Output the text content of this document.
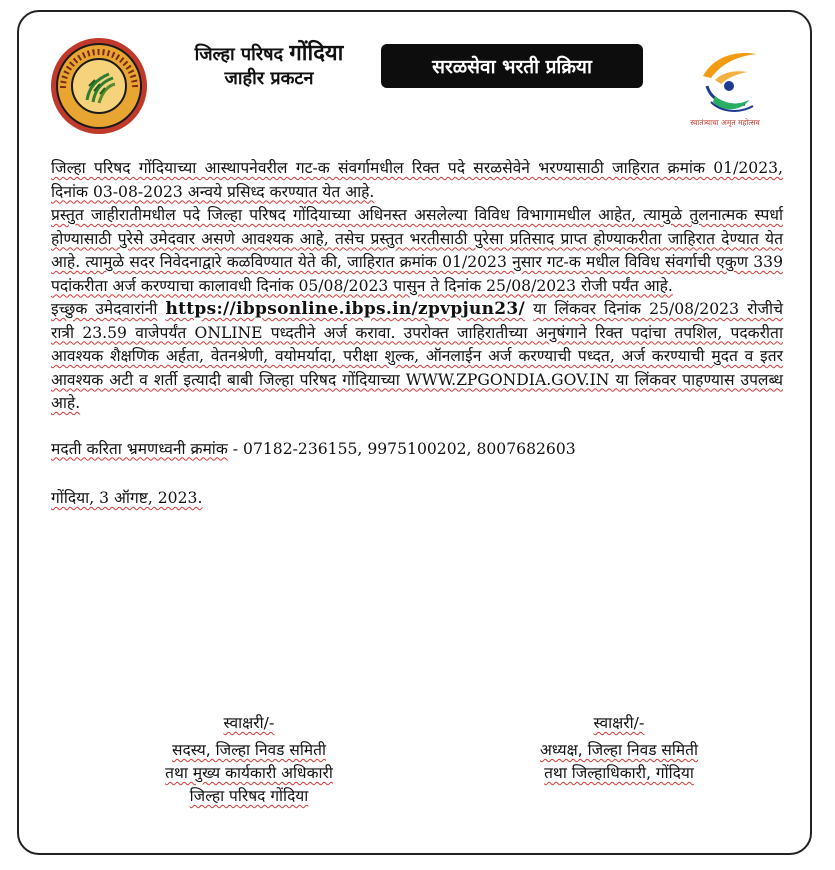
जिल्हा परिषद गोंदिया
जाहीर प्रकटन
सरळसेवा भरती प्रक्रिया
स्वातंत्र्याचा अमृत महोत्सव

जिल्हा परिषद गोंदियाच्या आस्थापनेवरील गट-क संवर्गामधील रिक्त पदे सरळसेवेने भरण्यासाठी जाहिरात क्रमांक 01/2023, दिनांक 03-08-2023 अन्वये प्रसिध्द करण्यात येत आहे.

प्रस्तुत जाहीरातीमधील पदे जिल्हा परिषद गोंदियाच्या अधिनस्त असलेल्या विविध विभागामधील आहेत, त्यामुळे तुलनात्मक स्पर्धा होण्यासाठी पुरेसे उमेदवार असणे आवश्यक आहे, तसेच प्रस्तुत भरतीसाठी पुरेसा प्रतिसाद प्राप्त होण्याकरीता जाहिरात देण्यात येत आहे. त्यामुळे सदर निवेदनाद्वारे कळविण्यात येते की, जाहिरात क्रमांक 01/2023 नुसार गट-क मधील विविध संवर्गाची एकुण 339 पदांकरीता अर्ज करण्याचा कालावधी दिनांक 05/08/2023 पासुन ते दिनांक 25/08/2023 रोजी पर्यंत आहे.

इच्छुक उमेदवारांनी https://ibpsonline.ibps.in/zpvpjun23/ या लिंकवर दिनांक 25/08/2023 रोजीचे रात्री 23.59 वाजेपर्यंत ONLINE पध्दतीने अर्ज करावा. उपरोक्त जाहिरातीच्या अनुषंगाने रिक्त पदांचा तपशिल, पदकरीता आवश्यक शैक्षणिक अर्हता, वेतनश्रेणी, वयोमर्यादा, परीक्षा शुल्क, ऑनलाईन अर्ज करण्याची पध्दत, अर्ज करण्याची मुदत व इतर आवश्यक अटी व शर्ती इत्यादी बाबी जिल्हा परिषद गोंदियाच्या WWW.ZPGONDIA.GOV.IN या लिंकवर पाहण्यास उपलब्ध आहे.

मदती करिता भ्रमणध्वनी क्रमांक - 07182-236155, 9975100202, 8007682603

गोंदिया, 3 ऑगष्ट, 2023.

स्वाक्षरी/-
सदस्य, जिल्हा निवड समिती
तथा मुख्य कार्यकारी अधिकारी
जिल्हा परिषद गोंदिया
स्वाक्षरी/-
अध्यक्ष, जिल्हा निवड समिती
तथा जिल्हाधिकारी, गोंदिया
